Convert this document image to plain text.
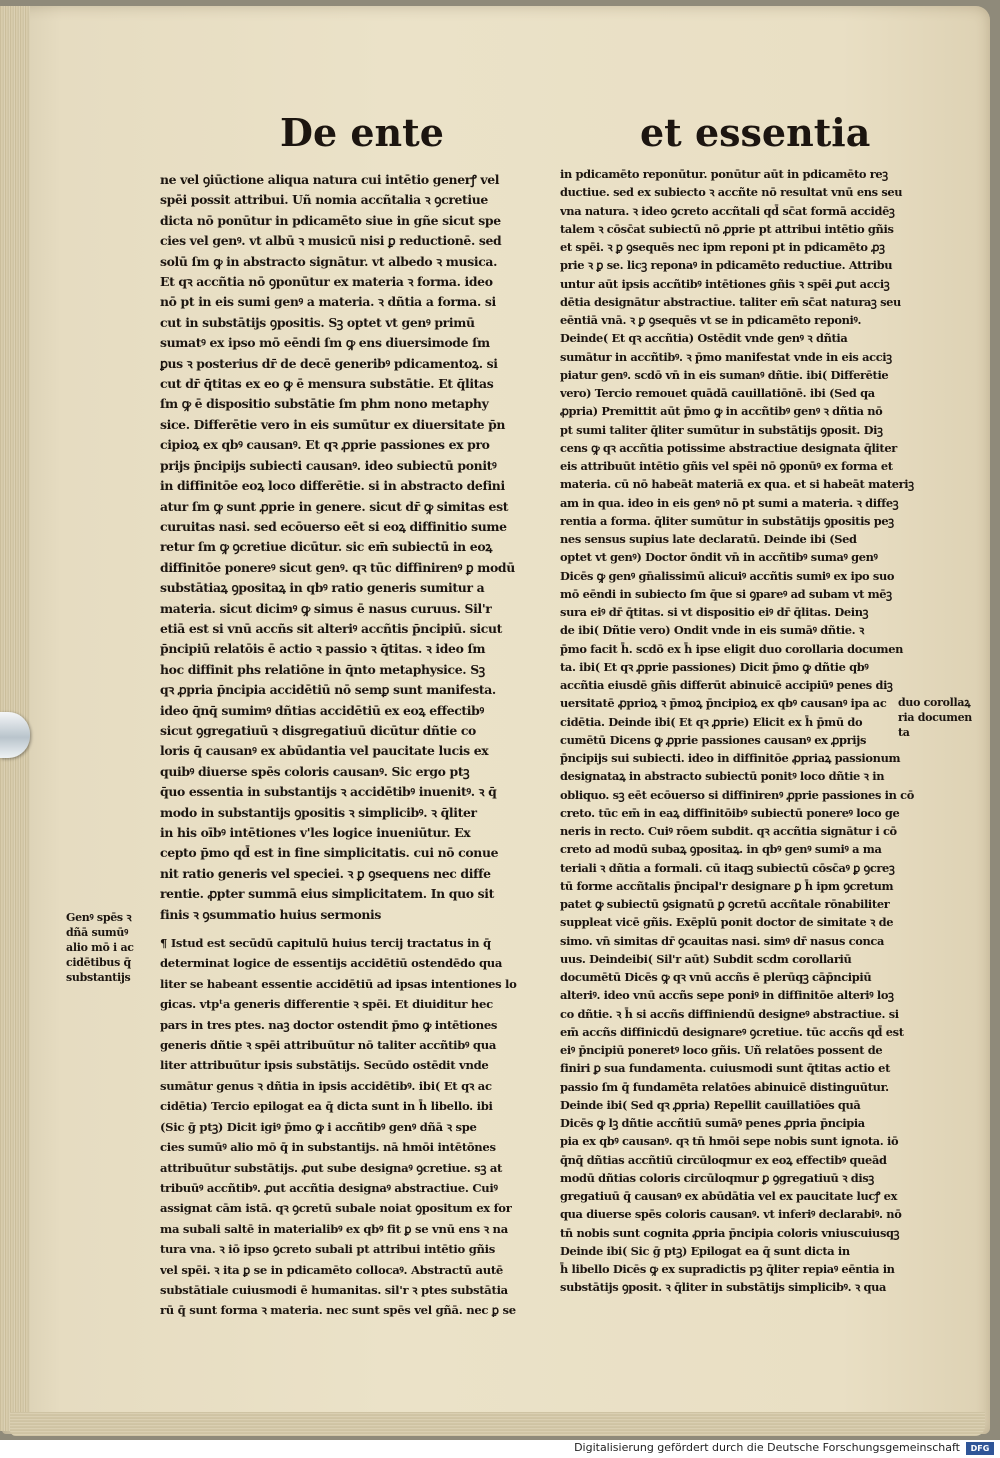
De ente	et essentia
ne vel ꝯiūctione aliqua natura cui intētio generꝭ vel
spēi possit attribui. Uñ nomia accñtalia ꝛ ꝯcretiue
dicta nō ponūtur in pdicamēto siue in gñe sicut spe
cies vel genꝰ. vt albū ꝛ musicū nisi ꝑ reductionē. sed
solū ſm ꝙ in abstracto signātur. vt albedo ꝛ musica.
Et qꝛ accñtia nō ꝯponūtur ex materia ꝛ forma. ideo
nō pt in eis sumi genꝰ a materia. ꝛ dñtia a forma. si
cut in substātijs ꝯpositis. Sꝫ optet vt genꝰ primū
sumatꝰ ex ipso mō eēndi ſm ꝙ ens diuersimode ſm
ꝑus ꝛ posterius dr̄ de decē generibꝰ pdicamentoꝝ. si
cut dr̄ q̄titas ex eo ꝙ ē mensura substātie. Et q̄litas
ſm ꝙ ē dispositio substātie ſm phm nono metaphy
sice. Differētie vero in eis sumūtur ex diuersitate p̄n
cipioꝝ ex qbꝰ causanꝰ. Et qꝛ ꝓprie passiones ex pro
prijs p̄ncipijs subiecti causanꝰ. ideo subiectū ponitꝰ
in diffinitōe eoꝝ loco differētie. si in abstracto defini
atur ſm ꝙ sunt ꝓprie in genere. sicut dr̄ ꝙ simitas est
curuitas nasi. sed ecōuerso eēt si eoꝝ diffinitio sume
retur ſm ꝙ ꝯcretiue dicūtur. sic em̄ subiectū in eoꝝ
diffinitōe ponereꝰ sicut genꝰ. qꝛ tūc diffinirenꝰ ꝑ modū
substātiaꝝ ꝯpositaꝝ in qbꝰ ratio generis sumitur a
materia. sicut dicimꝰ ꝙ simus ē nasus curuus. Sil'r
etiā est si vnū accñs sit alteriꝰ accñtis p̄ncipiū. sicut
p̄ncipiū relatōis ē actio ꝛ passio ꝛ q̄titas. ꝛ ideo ſm
hoc diffinit phs relatiōne in q̄nto metaphysice. Sꝫ
qꝛ ꝓpria p̄ncipia accidētiū nō semꝑ sunt manifesta.
ideo q̄nq̄ sumimꝰ dñtias accidētiū ex eoꝝ effectibꝰ
sicut ꝯgregatiuū ꝛ disgregatiuū dicūtur dñtie co
loris q̄ causanꝰ ex abūdantia vel paucitate lucis ex
quibꝰ diuerse spēs coloris causanꝰ. Sic ergo ptꝫ
q̄uo essentia in substantijs ꝛ accidētibꝰ inuenitꝰ. ꝛ q̄
modo in substantijs ꝯpositis ꝛ simplicibꝰ. ꝛ q̄liter
in his oībꝰ intētiones v'les logice inueniūtur. Ex
cepto p̄mo qd̄ est in fine simplicitatis. cui nō conue
nit ratio generis vel speciei. ꝛ ꝑ ꝯsequens nec diffe
rentie. ꝓpter summā eius simplicitatem. In quo sit
finis ꝛ ꝯsummatio huius sermonis
¶ Istud est secūdū capitulū huius tercij tractatus in q̄
determinat logice de essentijs accidētiū ostendēdo qua
liter se habeant essentie accidētiū ad ipsas intentiones lo
gicas. vtpᵗa generis differentie ꝛ spēi. Et diuiditur hec
pars in tres ptes. naꝫ doctor ostendit p̄mo ꝙ intētiones
generis dñtie ꝛ spēi attribuūtur nō taliter accñtibꝰ qua
liter attribuūtur ipsis substātijs. Secūdo ostēdit vnde
sumātur genus ꝛ dñtia in ipsis accidētibꝰ. ibi( Et qꝛ ac
cidētia) Tercio epilogat ea q̄ dicta sunt in h̄ libello. ibi
(Sic ḡ ptꝫ) Dicit igiꝰ p̄mo ꝙ i accñtibꝰ genꝰ dñā ꝛ spe
cies sumūꝰ alio mō q̄ in substantijs. nā hmōi intētōnes
attribuūtur substātijs. ꝓut sube designaꝰ ꝯcretiue. sꝫ at
tribuūꝰ accñtibꝰ. ꝓut accñtia designaꝰ abstractiue. Cuiꝰ
assignat cām istā. qꝛ ꝯcretū subale noiat ꝯpositum ex for
ma subali saltē in materialibꝰ ex qbꝰ fit ꝑ se vnū ens ꝛ na
tura vna. ꝛ iō ipso ꝯcreto subali pt attribui intētio gñis
vel spēi. ꝛ ita ꝑ se in pdicamēto collocaꝰ. Abstractū autē
substātiale cuiusmodi ē humanitas. sil'r ꝛ ptes substātia
rū q̄ sunt forma ꝛ materia. nec sunt spēs vel gñā. nec ꝑ se
in pdicamēto reponūtur. ponūtur aūt in pdicamēto reꝫ
ductiue. sed ex subiecto ꝛ accñte nō resultat vnū ens seu
vna natura. ꝛ ideo ꝯcreto accñtali qd̄ sc̄at formā accidēꝫ
talem ꝛ cōsc̄at subiectū nō ꝓprie pt attribui intētio gñis
et spēi. ꝛ ꝑ ꝯsequēs nec ipm reponi pt in pdicamēto ꝓꝫ
prie ꝛ ꝑ se. licꝫ reponaꝰ in pdicamēto reductiue. Attribu
untur aūt ipsis accñtibꝰ intētiones gñis ꝛ spēi ꝓut acciꝫ
dētia designātur abstractiue. taliter em̄ sc̄at naturaꝫ seu
eēntiā vnā. ꝛ ꝑ ꝯsequēs vt se in pdicamēto reponiꝰ.
Deinde( Et qꝛ accñtia) Ostēdit vnde genꝰ ꝛ dñtia
sumātur in accñtibꝰ. ꝛ p̄mo manifestat vnde in eis acciꝫ
piatur genꝰ. scdō vn̄ in eis sumanꝰ dñtie. ibi( Differētie
vero) Tercio remouet quādā cauillatiōnē. ibi (Sed qa
ꝓpria) Premittit aūt p̄mo ꝙ in accñtibꝰ genꝰ ꝛ dñtia nō
pt sumi taliter q̄liter sumūtur in substātijs ꝯposit. Diꝫ
cens ꝙ qꝛ accñtia potissime abstractiue designata q̄liter
eis attribuūt intētio gñis vel spēi nō ꝯponūꝰ ex forma et
materia. cū nō habeāt materiā ex qua. et si habeāt materiꝫ
am in qua. ideo in eis genꝰ nō pt sumi a materia. ꝛ diffeꝫ
rentia a forma. q̄liter sumūtur in substātijs ꝯpositis peꝫ
nes sensus supius late declaratū. Deinde ibi (Sed
optet vt genꝰ) Doctor ōndit vn̄ in accñtibꝰ sumaꝰ genꝰ
Dicēs ꝙ genꝰ gn̄alissimū alicuiꝰ accñtis sumiꝰ ex ipo suo
mō eēndi in subiecto ſm q̄ue si ꝯpareꝰ ad subam vt mēꝫ
sura eiꝰ dr̄ q̄titas. si vt dispositio eiꝰ dr̄ q̄litas. Deinꝫ
de ibi( Dñtie vero) Ondit vnde in eis sumāꝰ dñtie. ꝛ
p̄mo facit h̄. scdō ex h̄ ipse eligit duo corollaria documen
ta. ibi( Et qꝛ ꝓprie passiones) Dicit p̄mo ꝙ dñtie qbꝰ
accñtia eiusdē gñis differūt abinuicē accipiūꝰ penes diꝫ
uersitatē ꝓprioꝝ ꝛ p̄moꝝ p̄ncipioꝝ ex qbꝰ causanꝰ ipa ac
cidētia. Deinde ibi( Et qꝛ ꝓprie) Elicit ex h̄ p̄mū do
cumētū Dicens ꝙ ꝓprie passiones causanꝰ ex ꝓprijs
p̄ncipijs sui subiecti. ideo in diffinitōe ꝓpriaꝝ passionum
designataꝝ in abstracto subiectū ponitꝰ loco dñtie ꝛ in
obliquo. sꝫ eēt ecōuerso si diffinirenꝰ ꝓprie passiones in cō
creto. tūc em̄ in eaꝝ diffinitōibꝰ subiectū ponereꝰ loco ge
neris in recto. Cuiꝰ rōem subdit. qꝛ accñtia signātur i cō
creto ad modū subaꝝ ꝯpositaꝝ. in qbꝰ genꝰ sumiꝰ a ma
teriali ꝛ dñtia a formali. cū itaqꝫ subiectū cōsc̄aꝰ ꝑ ꝯcreꝫ
tū forme accñtalis p̄ncipal'r designare ꝑ h̄ ipm ꝯcretum
patet ꝙ subiectū ꝯsignatū ꝑ ꝯcretū accñtale rōnabiliter
suppleat vicē gñis. Exēplū ponit doctor de simitate ꝛ de
simo. vn̄ simitas dr̄ ꝯcauitas nasi. simꝰ dr̄ nasus conca
uus. Deindeibi( Sil'r aūt) Subdit scdm corollariū
documētū Dicēs ꝙ qꝛ vnū accñs ē plerūqꝫ cāp̄ncipiū
alteriꝰ. ideo vnū accñs sepe poniꝰ in diffinitōe alteriꝰ loꝫ
co dñtie. ꝛ h̄ si accñs diffiniendū designeꝰ abstractiue. si
em̄ accñs diffinicdū designareꝰ ꝯcretiue. tūc accñs qd̄ est
eiꝰ p̄ncipiū poneretꝰ loco gñis. Uñ relatōes possent de
finiri ꝑ sua fundamenta. cuiusmodi sunt q̄titas actio et
passio ſm q̄ fundamēta relatōes abinuicē distinguūtur.
Deinde ibi( Sed qꝛ ꝓpria) Repellit cauillatiōes quā
Dicēs ꝙ lꝫ dñtie accñtiū sumāꝰ penes ꝓpria p̄ncipia
pia ex qbꝰ causanꝰ. qꝛ tn̄ hmōi sepe nobis sunt ignota. iō
q̄nq̄ dñtias accñtiū circūloqmur ex eoꝝ effectibꝰ queād
modū dñtias coloris circūloqmur ꝑ ꝯgregatiuū ꝛ disꝫ
gregatiuū q̄ causanꝰ ex abūdātia vel ex paucitate lucꝭ ex
qua diuerse spēs coloris causanꝰ. vt inferiꝰ declarabiꝰ. nō
tn̄ nobis sunt cognita ꝓpria p̄ncipia coloris vniuscuiusqꝫ
Deinde ibi( Sic ḡ ptꝫ) Epilogat ea q̄ sunt dicta in
h̄ libello Dicēs ꝙ ex supradictis pꝫ q̄liter repiaꝰ eēntia in
substātijs ꝯposit. ꝛ q̄liter in substātijs simplicibꝰ. ꝛ qua
Genꝰ spēs ꝛ
dñā sumūꝰ
alio mō i ac
cidētibus q̄
substantijs
duo corollaꝝ
ria documen
ta
Digitalisierung gefördert durch die Deutsche Forschungsgemeinschaft	DFG
